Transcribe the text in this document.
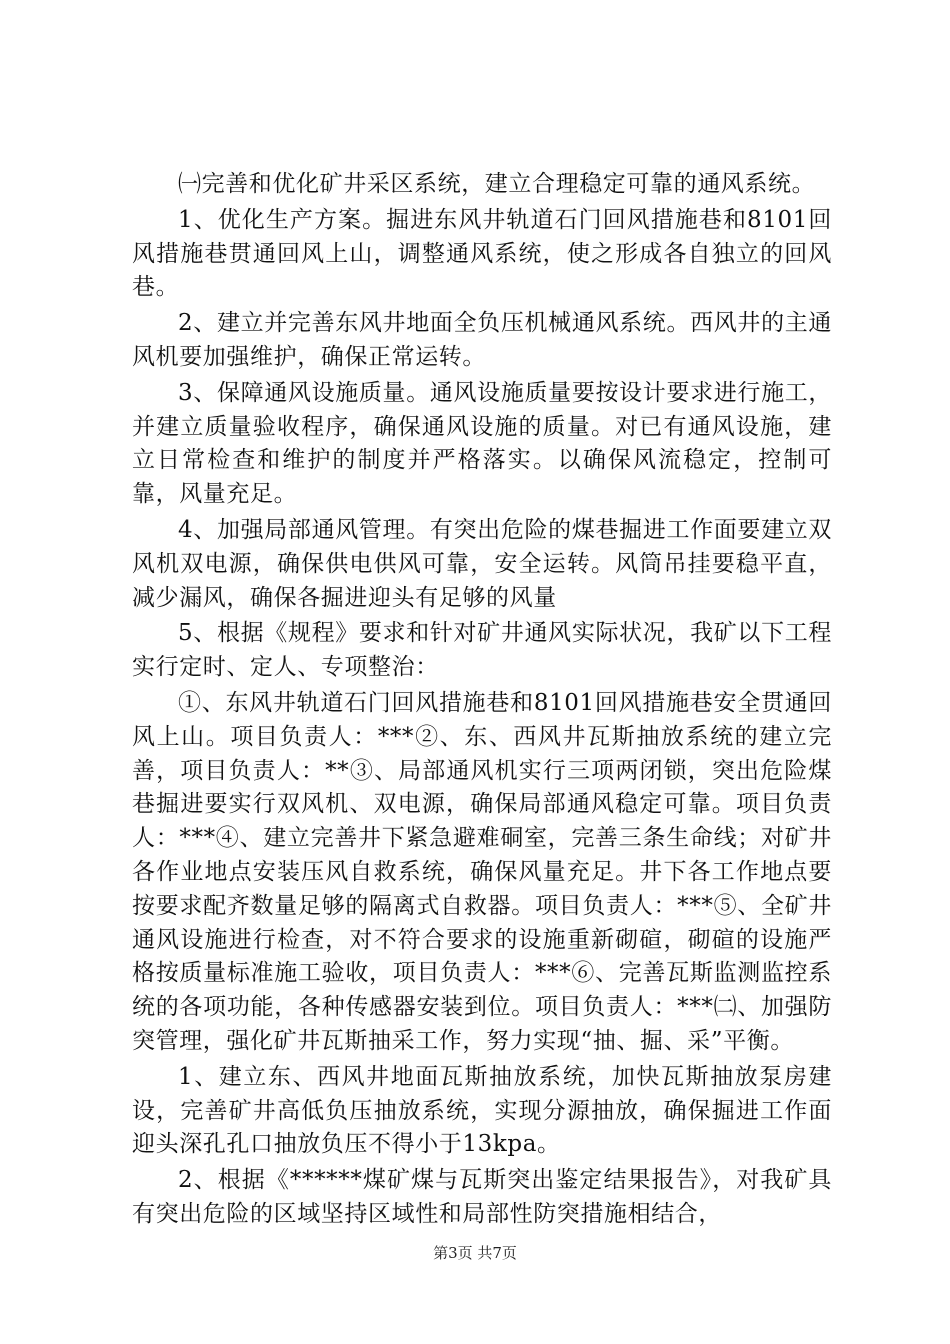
㈠完善和优化矿井采区系统，建立合理稳定可靠的通风系统。

1、优化生产方案。掘进东风井轨道石门回风措施巷和8101回风措施巷贯通回风上山，调整通风系统，使之形成各自独立的回风巷。

2、建立并完善东风井地面全负压机械通风系统。西风井的主通风机要加强维护，确保正常运转。

3、保障通风设施质量。通风设施质量要按设计要求进行施工，并建立质量验收程序，确保通风设施的质量。对已有通风设施，建立日常检查和维护的制度并严格落实。以确保风流稳定，控制可靠，风量充足。

4、加强局部通风管理。有突出危险的煤巷掘进工作面要建立双风机双电源，确保供电供风可靠，安全运转。风筒吊挂要稳平直，减少漏风，确保各掘进迎头有足够的风量

5、根据《规程》要求和针对矿井通风实际状况，我矿以下工程实行定时、定人、专项整治：

①、东风井轨道石门回风措施巷和8101回风措施巷安全贯通回风上山。项目负责人：***②、东、西风井瓦斯抽放系统的建立完善，项目负责人：**③、局部通风机实行三项两闭锁，突出危险煤巷掘进要实行双风机、双电源，确保局部通风稳定可靠。项目负责人：***④、建立完善井下紧急避难硐室，完善三条生命线；对矿井各作业地点安装压风自救系统，确保风量充足。井下各工作地点要按要求配齐数量足够的隔离式自救器。项目负责人：***⑤、全矿井通风设施进行检查，对不符合要求的设施重新砌碹，砌碹的设施严格按质量标准施工验收，项目负责人：***⑥、完善瓦斯监测监控系统的各项功能，各种传感器安装到位。项目负责人：***㈡、加强防突管理，强化矿井瓦斯抽采工作，努力实现“抽、掘、采”平衡。

1、建立东、西风井地面瓦斯抽放系统，加快瓦斯抽放泵房建设，完善矿井高低负压抽放系统，实现分源抽放，确保掘进工作面迎头深孔孔口抽放负压不得小于13kpa。

2、根据《******煤矿煤与瓦斯突出鉴定结果报告》，对我矿具有突出危险的区域坚持区域性和局部性防突措施相结合，

第3页 共7页
